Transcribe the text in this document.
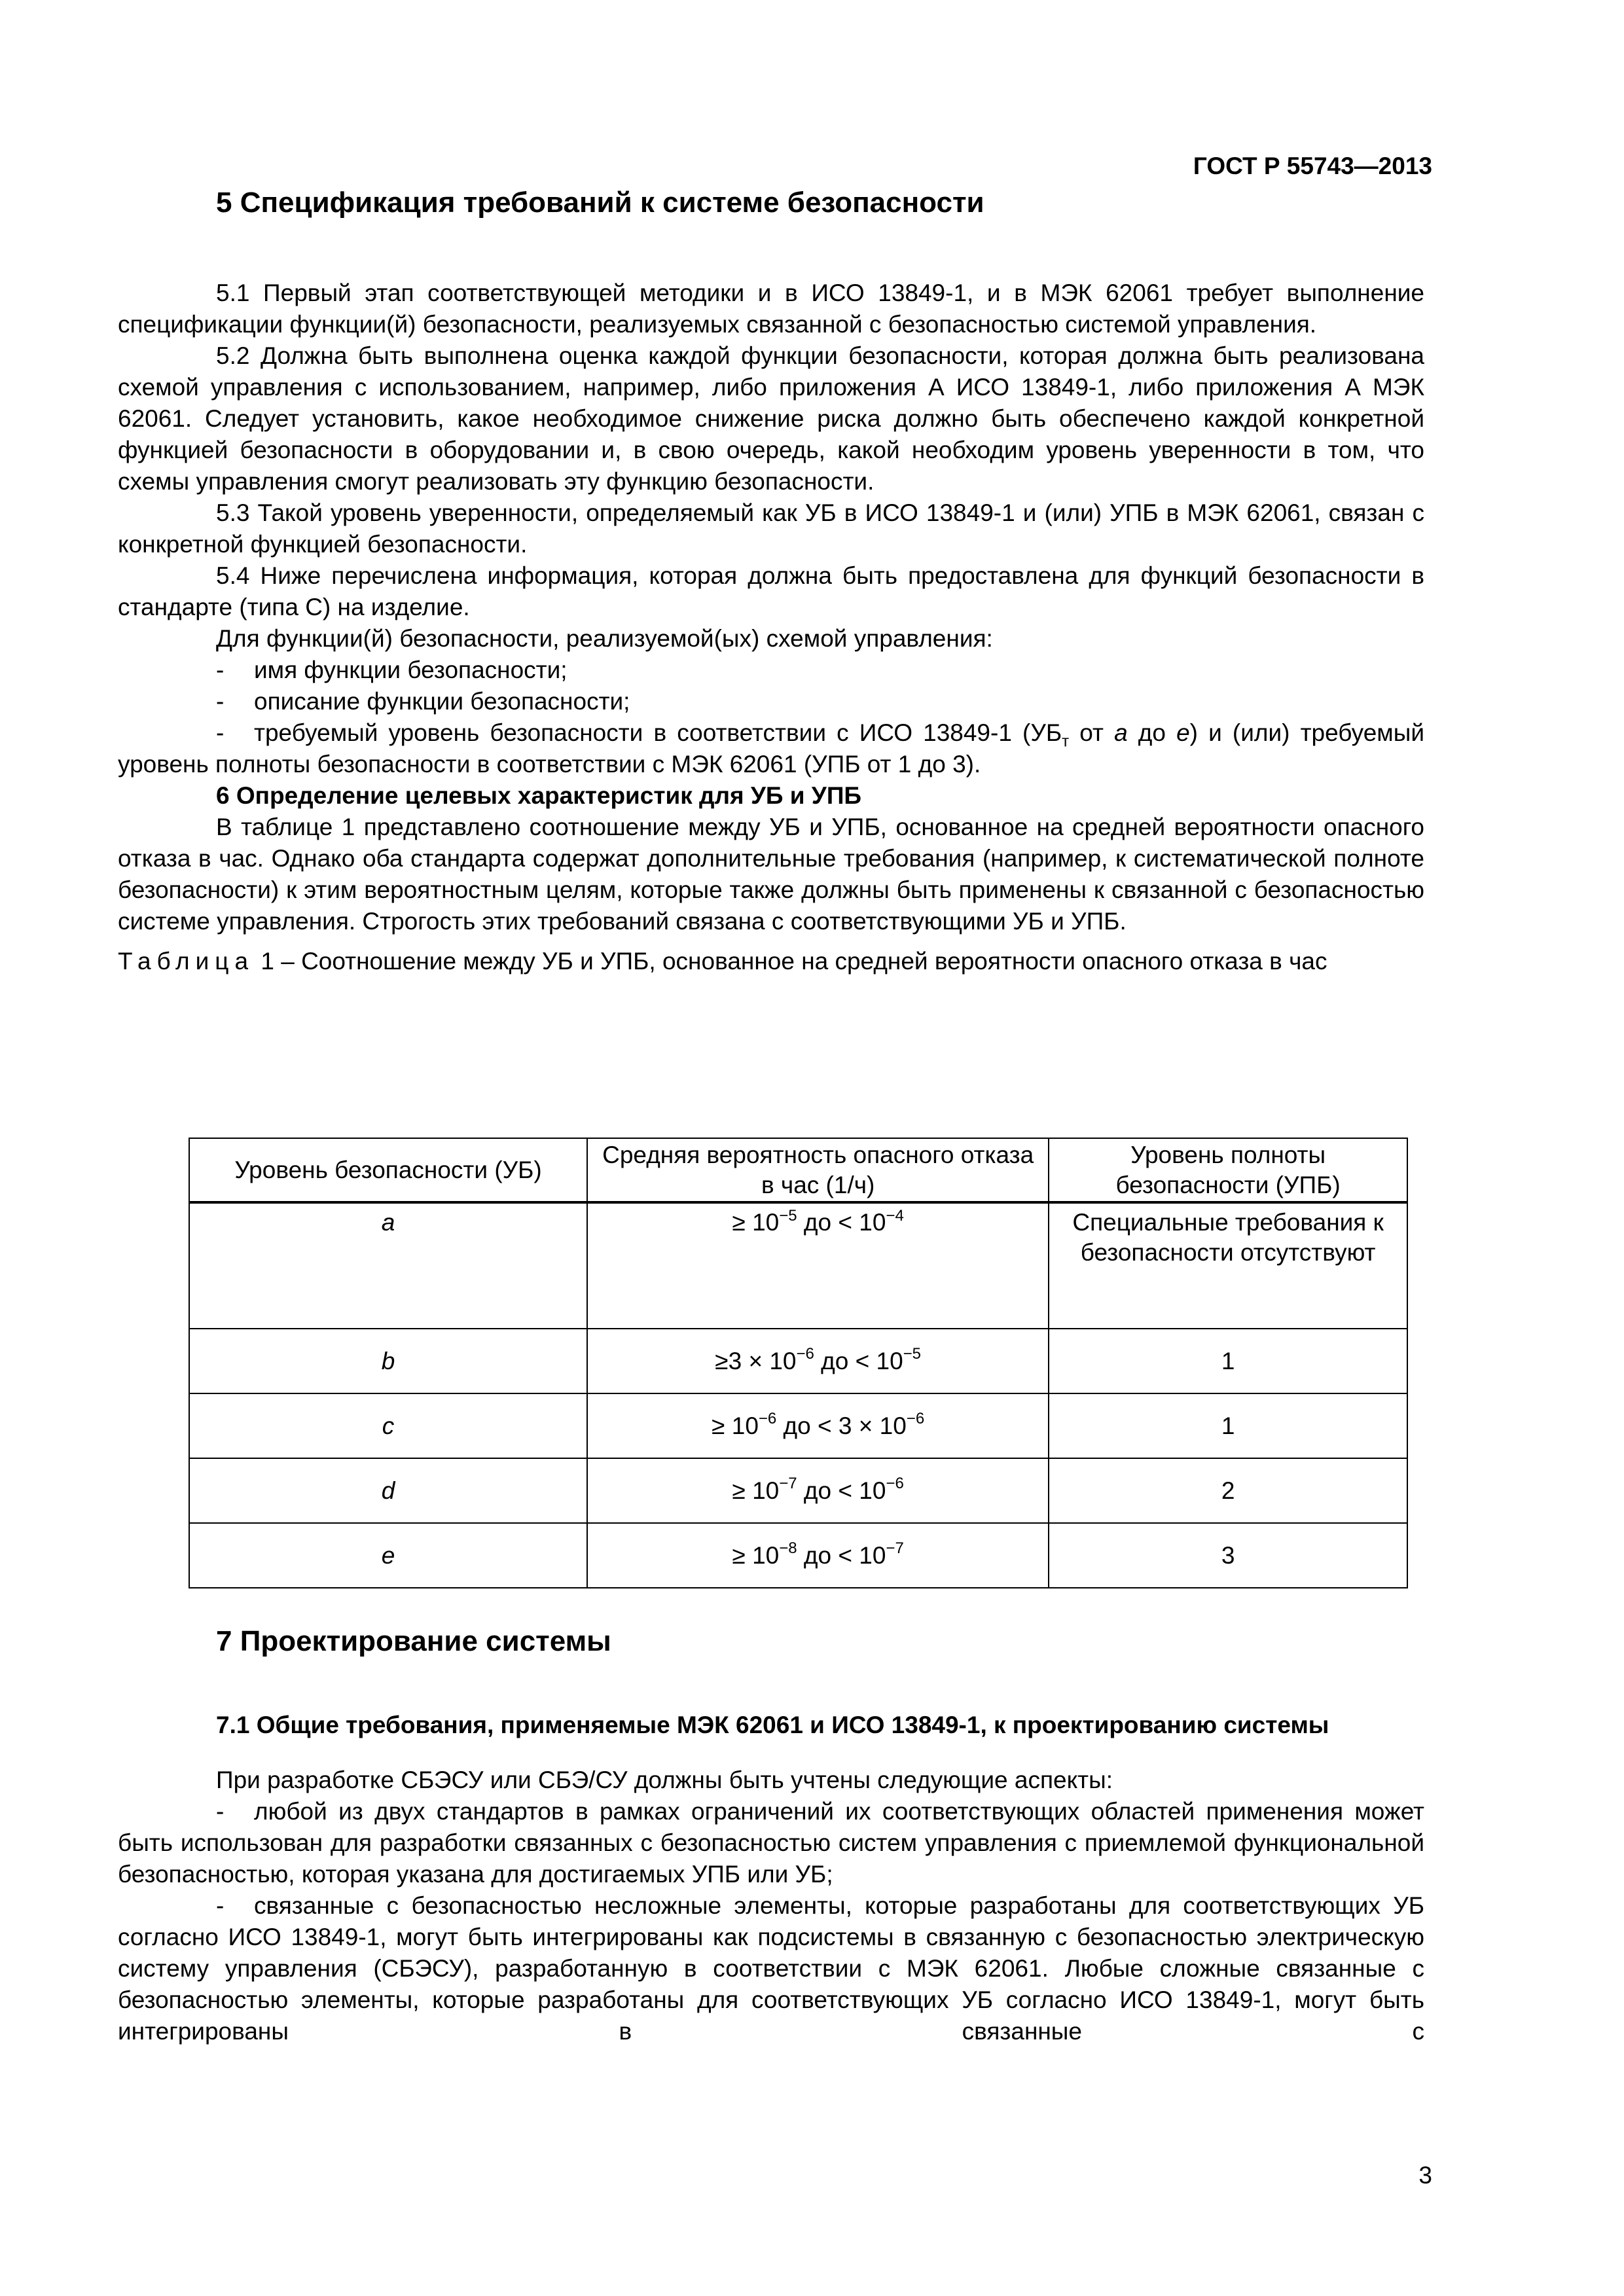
ГОСТ Р 55743—2013
5 Спецификация требований к системе безопасности

5.1 Первый этап соответствующей методики и в ИСО 13849-1, и в МЭК 62061 требует выполнение спецификации функции(й) безопасности, реализуемых связанной с безопасностью системой управления.

5.2 Должна быть выполнена оценка каждой функции безопасности, которая должна быть реализована схемой управления с использованием, например, либо приложения А ИСО 13849-1, либо приложения А МЭК 62061. Следует установить, какое необходимое снижение риска должно быть обеспечено каждой конкретной функцией безопасности в оборудовании и, в свою очередь, какой необходим уровень уверенности в том, что схемы управления смогут реализовать эту функцию безопасности.

5.3 Такой уровень уверенности, определяемый как УБ в ИСО 13849-1 и (или) УПБ в МЭК 62061, связан с конкретной функцией безопасности.

5.4 Ниже перечислена информация, которая должна быть предоставлена для функций безопасности в стандарте (типа С) на изделие.

Для функции(й) безопасности, реализуемой(ых) схемой управления:

- имя функции безопасности;

- описание функции безопасности;

- требуемый уровень безопасности в соответствии с ИСО 13849-1 ($УБ_т$ от a до e) и (или) требуемый уровень полноты безопасности в соответствии с МЭК 62061 (УПБ от 1 до 3).

6 Определение целевых характеристик для УБ и УПБ

В таблице 1 представлено соотношение между УБ и УПБ, основанное на средней вероятности опасного отказа в час. Однако оба стандарта содержат дополнительные требования (например, к систематической полноте безопасности) к этим вероятностным целям, которые также должны быть применены к связанной с безопасностью системе управления. Строгость этих требований связана с соответствующими УБ и УПБ.

Таблица 1 – Соотношение между УБ и УПБ, основанное на средней вероятности опасного отказа в час

Уровень безопасности (УБ)	Средняя вероятность опасного отказа в час (1/ч)	Уровень полноты безопасности (УПБ)
a	≥ $10^{-5}$ до < $10^{-4}$	Специальные требования к безопасности отсутствуют
b	$\ge 3 \times 10^{-6}$ до < $10^{-5}$	1
c	≥ $10^{-6}$ до < $3 \times 10^{-6}$	1
d	≥ $10^{-7}$ до < $10^{-6}$	2
e	≥ $10^{-8}$ до < $10^{-7}$	3
7 Проектирование системы

7.1 Общие требования, применяемые МЭК 62061 и ИСО 13849-1, к проектированию системы

При разработке СБЭСУ или СБЭ/СУ должны быть учтены следующие аспекты:

- любой из двух стандартов в рамках ограничений их соответствующих областей применения может быть использован для разработки связанных с безопасностью систем управления с приемлемой функциональной безопасностью, которая указана для достигаемых УПБ или УБ;

- связанные с безопасностью несложные элементы, которые разработаны для соответствующих УБ согласно ИСО 13849-1, могут быть интегрированы как подсистемы в связанную с безопасностью электрическую систему управления (СБЭСУ), разработанную в соответствии с МЭК 62061. Любые сложные связанные с безопасностью элементы, которые разработаны для соответствующих УБ согласно ИСО 13849-1, могут быть интегрированы в связанные с

3
